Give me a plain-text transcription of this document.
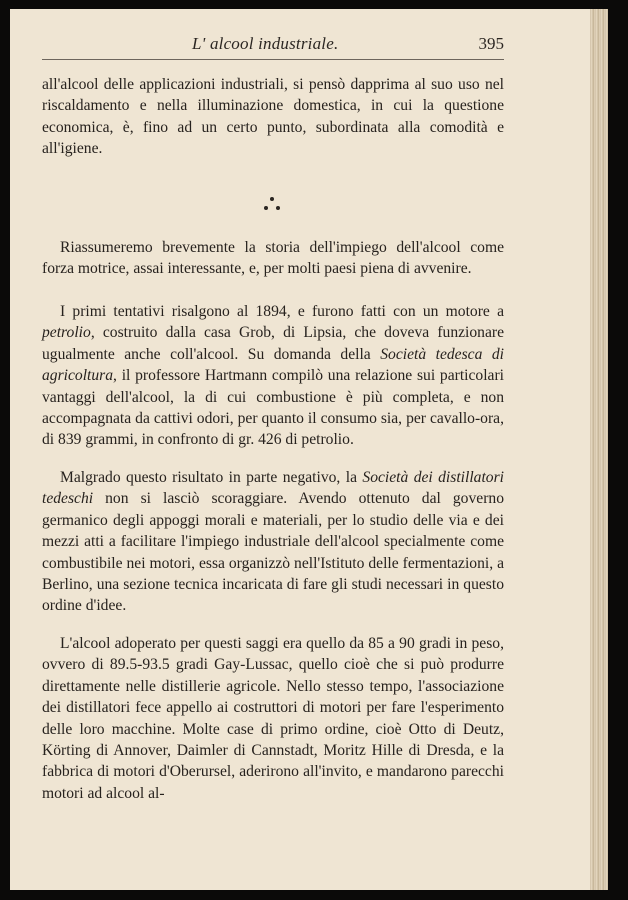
L' alcool industriale.	395

all'alcool delle applicazioni industriali, si pensò dapprima al suo uso nel riscaldamento e nella illuminazione domestica, in cui la questione economica, è, fino ad un certo punto, subordinata alla comodità e all'igiene.

Riassumeremo brevemente la storia dell'impiego dell'alcool come forza motrice, assai interessante, e, per molti paesi piena di avvenire.

I primi tentativi risalgono al 1894, e furono fatti con un motore a petrolio, costruito dalla casa Grob, di Lipsia, che doveva funzionare ugualmente anche coll'alcool. Su domanda della Società tedesca di agricoltura, il professore Hartmann compilò una relazione sui particolari vantaggi dell'alcool, la di cui combustione è più completa, e non accompagnata da cattivi odori, per quanto il consumo sia, per cavallo-ora, di 839 grammi, in confronto di gr. 426 di petrolio.

Malgrado questo risultato in parte negativo, la Società dei distillatori tedeschi non si lasciò scoraggiare. Avendo ottenuto dal governo germanico degli appoggi morali e materiali, per lo studio delle via e dei mezzi atti a facilitare l'impiego industriale dell'alcool specialmente come combustibile nei motori, essa organizzò nell'Istituto delle fermentazioni, a Berlino, una sezione tecnica incaricata di fare gli studi necessari in questo ordine d'idee.

L'alcool adoperato per questi saggi era quello da 85 a 90 gradi in peso, ovvero di 89.5-93.5 gradi Gay-Lussac, quello cioè che si può produrre direttamente nelle distillerie agricole. Nello stesso tempo, l'associazione dei distillatori fece appello ai costruttori di motori per fare l'esperimento delle loro macchine. Molte case di primo ordine, cioè Otto di Deutz, Körting di Annover, Daimler di Cannstadt, Moritz Hille di Dresda, e la fabbrica di motori d'Oberursel, aderirono all'invito, e mandarono parecchi motori ad alcool al-
